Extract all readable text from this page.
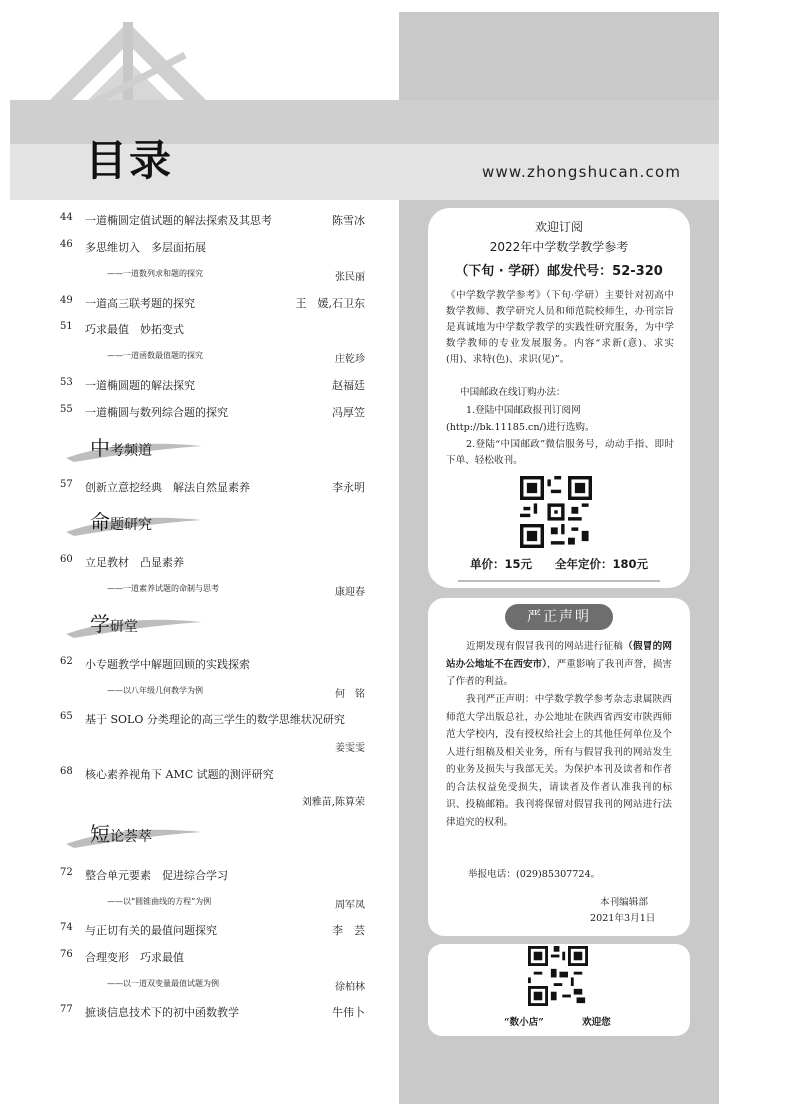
目录	www.zhongshucan.com
44 一道椭圆定值试题的解法探索及其思考	陈雪冰
46 多思维切入　多层面拓展
——一道数列求和题的探究	张民丽
49 一道高三联考题的探究	王　媛,石卫东
51 巧求最值　妙拓变式
——一道函数最值题的探究	庄乾珍
53 一道椭圆题的解法探究	赵福廷
55 一道椭圆与数列综合题的探究	冯厚笠
中考频道
57 创新立意挖经典　解法自然显素养	李永明
命题研究
60 立足教材　凸显素养
——一道素养试题的命制与思考	康迎春
学研堂
62 小专题教学中解题回顾的实践探索
——以八年级几何教学为例	何　铭
65 基于 SOLO 分类理论的高三学生的数学思维状况研究
姜雯雯
68 核心素养视角下 AMC 试题的测评研究
刘雅苗,陈算荣
短论荟萃
72 整合单元要素　促进综合学习
——以“圆锥曲线的方程”为例	周军凤
74 与正切有关的最值问题探究	李　芸
76 合理变形　巧求最值
——以一道双变量最值试题为例	徐柏林
77 摭谈信息技术下的初中函数教学	牛伟卜
欢迎订阅
2022年中学数学教学参考
（下旬 · 学研）邮发代号：52-320
《中学数学教学参考》（下旬·学研）主要针对初高中数学教师、教学研究人员和师范院校师生，办刊宗旨是真诚地为中学数学教学的实践性研究服务，为中学数学教师的专业发展服务。内容“求新(意)、求实(用)、求特(色)、求识(见)”。
中国邮政在线订购办法：
1.登陆中国邮政报刊订阅网
(http://bk.11185.cn/)进行选购。
2.登陆“中国邮政”微信服务号，动动手指、即时下单、轻松收刊。
单价：15元　　全年定价：180元
严正声明
近期发现有假冒我刊的网站进行征稿（假冒的网站办公地址不在西安市），严重影响了我刊声誉，损害了作者的利益。
我刊严正声明：中学数学教学参考杂志隶属陕西师范大学出版总社，办公地址在陕西省西安市陕西师范大学校内，没有授权给社会上的其他任何单位及个人进行组稿及相关业务，所有与假冒我刊的网站发生的业务及损失与我部无关。为保护本刊及读者和作者的合法权益免受损失，请读者及作者认准我刊的标识、投稿邮箱。我刊将保留对假冒我刊的网站进行法律追究的权利。
举报电话：(029)85307724。
本刊编辑部
2021年3月1日
“数小店”	欢迎您
